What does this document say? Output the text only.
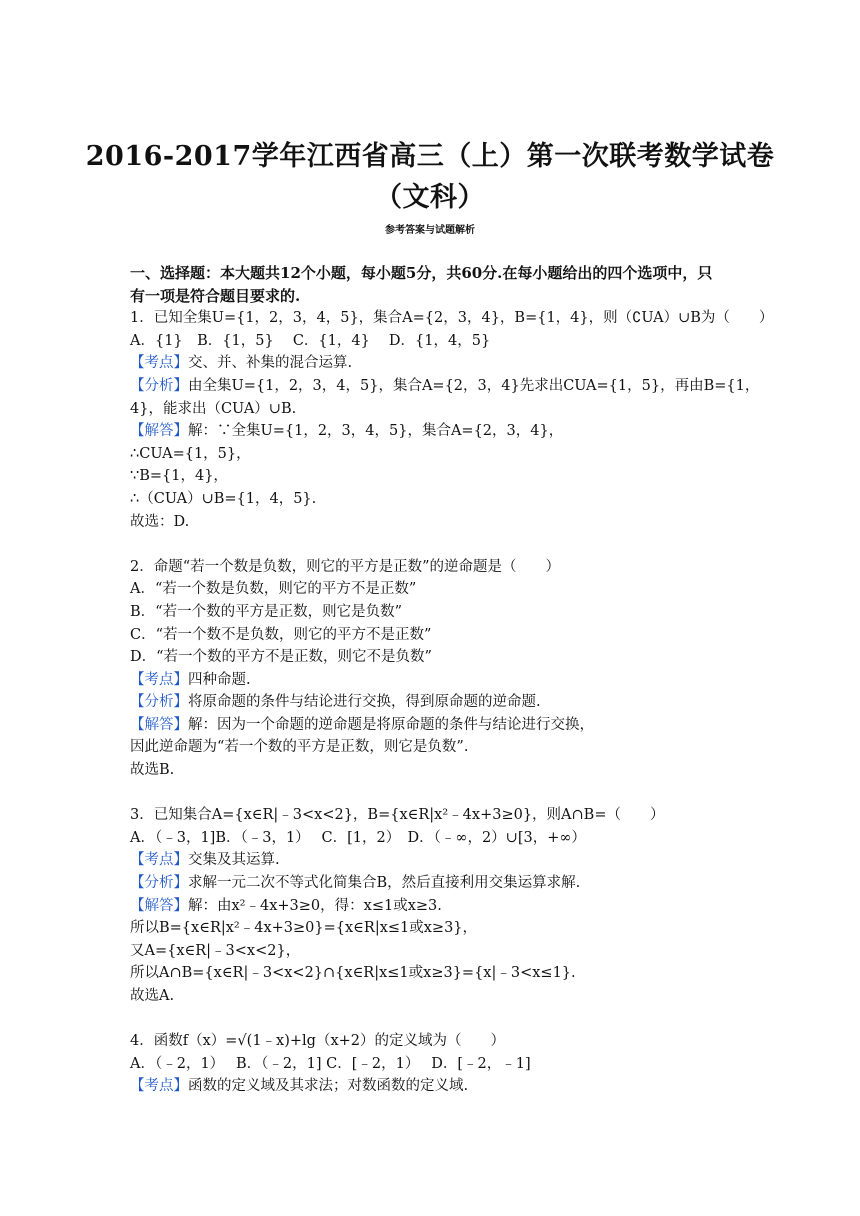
2016-2017学年江西省高三（上）第一次联考数学试卷
（文科）
参考答案与试题解析
一、选择题：本大题共12个小题，每小题5分，共60分.在每小题给出的四个选项中，只
有一项是符合题目要求的.
1．已知全集U={1，2，3，4，5}，集合A={2，3，4}，B={1，4}，则（∁UA）∪B为（　　）
A．{1}　B．{1，5}　 C．{1，4}　 D．{1，4，5}
【考点】交、并、补集的混合运算.
【分析】由全集U={1，2，3，4，5}，集合A={2，3，4}先求出CUA={1，5}，再由B={1，
4}，能求出（CUA）∪B.
【解答】解：∵全集U={1，2，3，4，5}，集合A={2，3，4}，
∴CUA={1，5}，
∵B={1，4}，
∴（CUA）∪B={1，4，5}.
故选：D.
2．命题“若一个数是负数，则它的平方是正数”的逆命题是（　　）
A．“若一个数是负数，则它的平方不是正数”
B．“若一个数的平方是正数，则它是负数”
C．“若一个数不是负数，则它的平方不是正数”
D．“若一个数的平方不是正数，则它不是负数”
【考点】四种命题.
【分析】将原命题的条件与结论进行交换，得到原命题的逆命题.
【解答】解：因为一个命题的逆命题是将原命题的条件与结论进行交换，
因此逆命题为“若一个数的平方是正数，则它是负数”.
故选B.
3．已知集合A={x∈R|﹣3<x<2}，B={x∈R|x²﹣4x+3≥0}，则A∩B=（　　）
A．（﹣3，1]B．（﹣3，1）　 C．[1，2）　D．（﹣∞，2）∪[3，+∞）
【考点】交集及其运算.
【分析】求解一元二次不等式化简集合B，然后直接利用交集运算求解.
【解答】解：由x²﹣4x+3≥0，得：x≤1或x≥3.
所以B={x∈R|x²﹣4x+3≥0}={x∈R|x≤1或x≥3}，
又A={x∈R|﹣3<x<2}，
所以A∩B={x∈R|﹣3<x<2}∩{x∈R|x≤1或x≥3}={x|﹣3<x≤1}.
故选A.
4．函数f（x）=√(1﹣x)+lg（x+2）的定义域为（　　）
A．（﹣2，1）　 B．（﹣2，1] C．[﹣2，1）　 D．[﹣2，﹣1]
【考点】函数的定义域及其求法；对数函数的定义域.
